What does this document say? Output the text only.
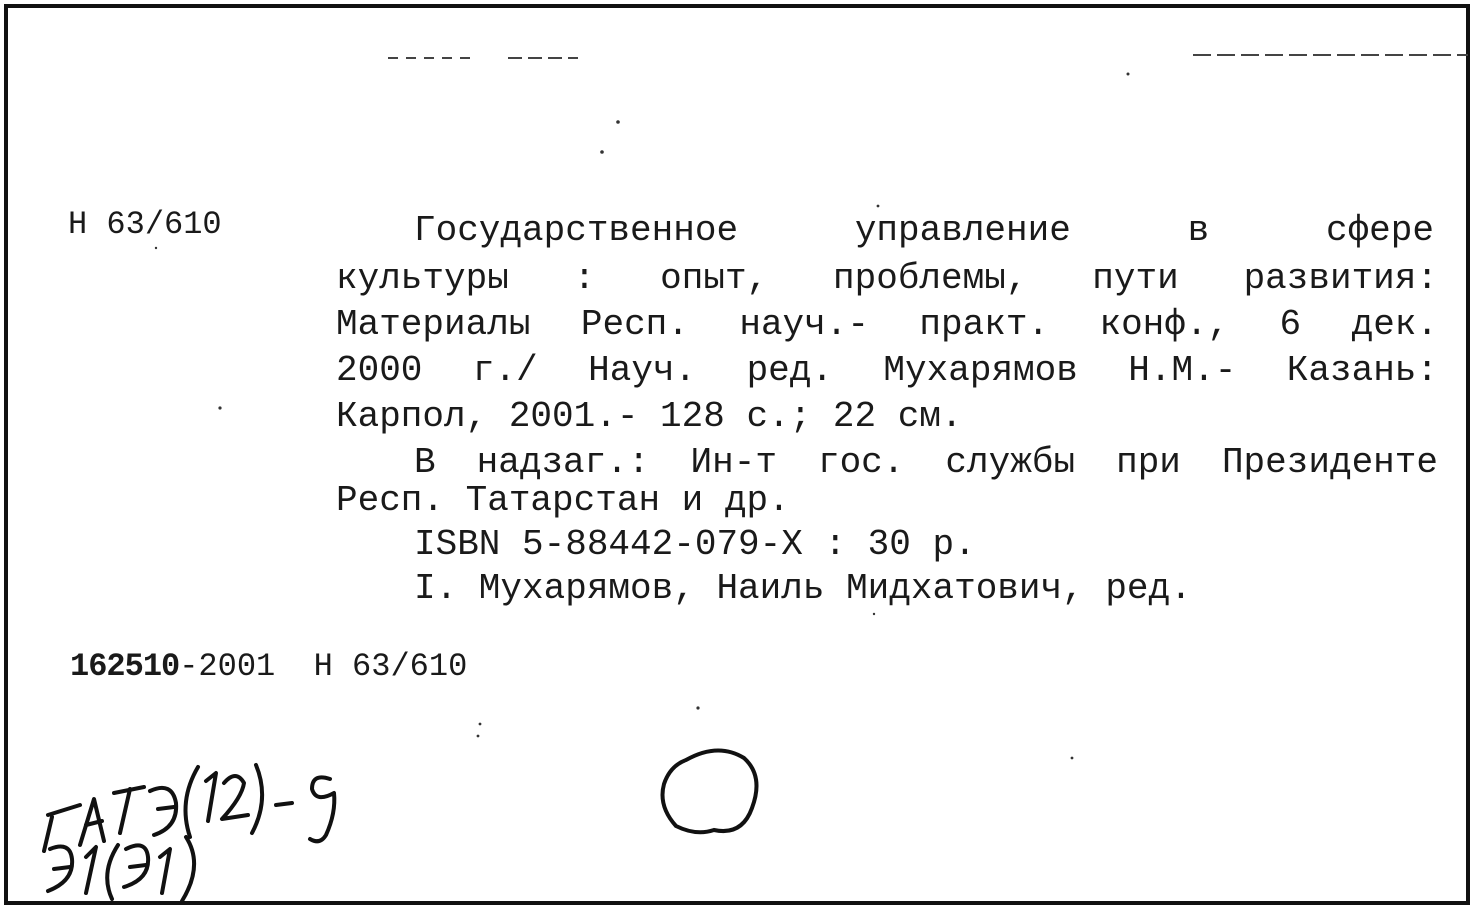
Н 63/610

	Государственное управление в сфере

культуры : опыт, проблемы, пути развития:

Материалы Респ. науч.- практ. конф., 6 дек.

2000 г./ Науч. ред. Мухарямов Н.М.- Казань:

Карпол, 2001.- 128 с.; 22 см.

В надзаг.: Ин-т гос. службы при Президенте

Респ. Татарстан и др.

ISBN 5-88442-079-X : 30 р.

I. Мухарямов, Наиль Мидхатович, ред.

162510-2001 Н 63/610
